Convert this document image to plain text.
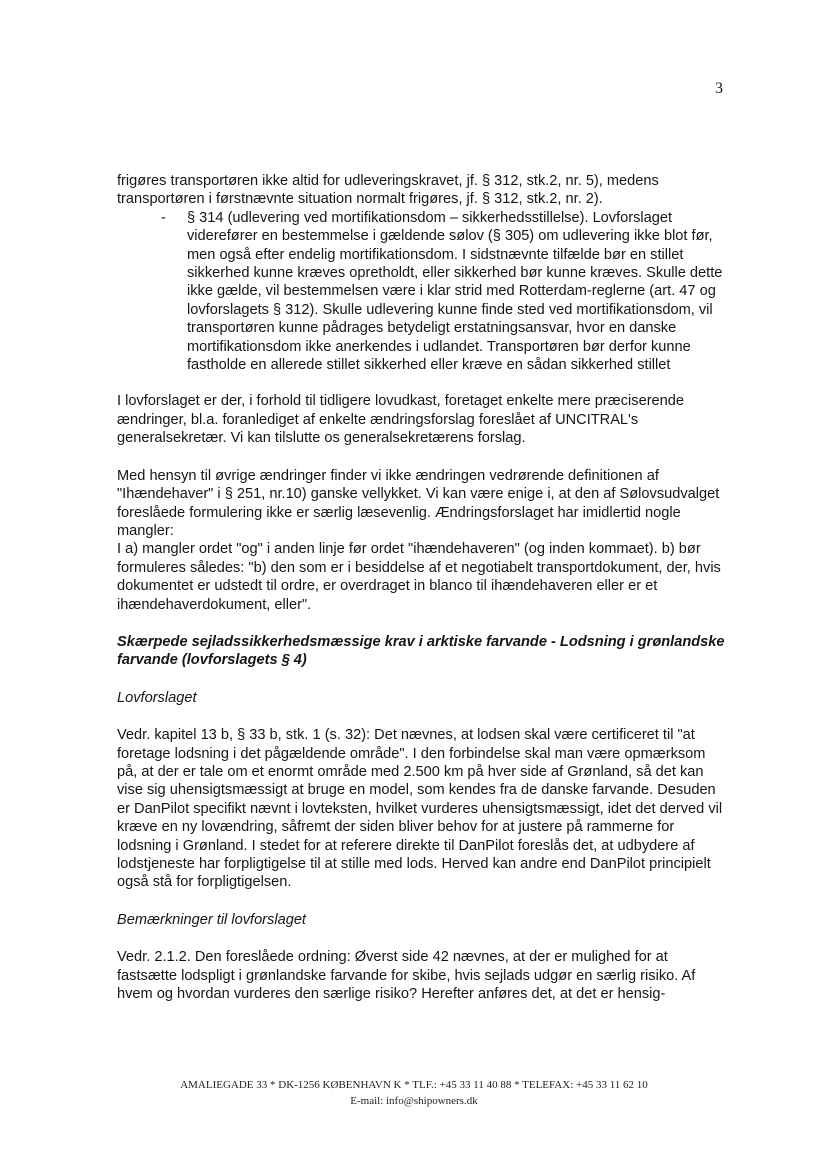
3

frigøres transportøren ikke altid for udleveringskravet, jf. § 312, stk.2, nr. 5), medens transportøren i førstnævnte situation normalt frigøres, jf. § 312, stk.2, nr. 2).

- § 314 (udlevering ved mortifikationsdom – sikkerhedsstillelse). Lovforslaget viderefører en bestemmelse i gældende sølov (§ 305) om udlevering ikke blot før, men også efter endelig mortifikationsdom. I sidstnævnte tilfælde bør en stillet sikkerhed kunne kræves opretholdt, eller sikkerhed bør kunne kræves. Skulle dette ikke gælde, vil bestemmelsen være i klar strid med Rotterdam-reglerne (art. 47 og lovforslagets § 312). Skulle udlevering kunne finde sted ved mortifikationsdom, vil transportøren kunne pådrages betydeligt erstatningsansvar, hvor en danske mortifikationsdom ikke anerkendes i udlandet. Transportøren bør derfor kunne fastholde en allerede stillet sikkerhed eller kræve en sådan sikkerhed stillet

I lovforslaget er der, i forhold til tidligere lovudkast, foretaget enkelte mere præciserende ændringer, bl.a. foranlediget af enkelte ændringsforslag foreslået af UNCITRAL's generalsekretær. Vi kan tilslutte os generalsekretærens forslag.

Med hensyn til øvrige ændringer finder vi ikke ændringen vedrørende definitionen af "Ihændehaver" i § 251, nr.10) ganske vellykket. Vi kan være enige i, at den af Sølovsudvalget foreslåede formulering ikke er særlig læsevenlig. Ændringsforslaget har imidlertid nogle mangler:

I a) mangler ordet "og" i anden linje før ordet "ihændehaveren" (og inden kommaet). b) bør formuleres således: "b) den som er i besiddelse af et negotiabelt transportdokument, der, hvis dokumentet er udstedt til ordre, er overdraget in blanco til ihændehaveren eller er et ihændehaverdokument, eller".

Skærpede sejladssikkerhedsmæssige krav i arktiske farvande - Lodsning i grønlandske farvande (lovforslagets § 4)

Lovforslaget

Vedr. kapitel 13 b, § 33 b, stk. 1 (s. 32): Det nævnes, at lodsen skal være certificeret til "at foretage lodsning i det pågældende område". I den forbindelse skal man være opmærksom på, at der er tale om et enormt område med 2.500 km på hver side af Grønland, så det kan vise sig uhensigtsmæssigt at bruge en model, som kendes fra de danske farvande. Desuden er DanPilot specifikt nævnt i lovteksten, hvilket vurderes uhensigtsmæssigt, idet det derved vil kræve en ny lovændring, såfremt der siden bliver behov for at justere på rammerne for lodsning i Grønland. I stedet for at referere direkte til DanPilot foreslås det, at udbydere af lodstjeneste har forpligtigelse til at stille med lods. Herved kan andre end DanPilot principielt også stå for forpligtigelsen.

Bemærkninger til lovforslaget

Vedr. 2.1.2. Den foreslåede ordning: Øverst side 42 nævnes, at der er mulighed for at fastsætte lodspligt i grønlandske farvande for skibe, hvis sejlads udgør en særlig risiko. Af hvem og hvordan vurderes den særlige risiko? Herefter anføres det, at det er hensig-

AMALIEGADE 33 * DK-1256 KØBENHAVN K * TLF.: +45 33 11 40 88 * TELEFAX: +45 33 11 62 10
E-mail: info@shipowners.dk
